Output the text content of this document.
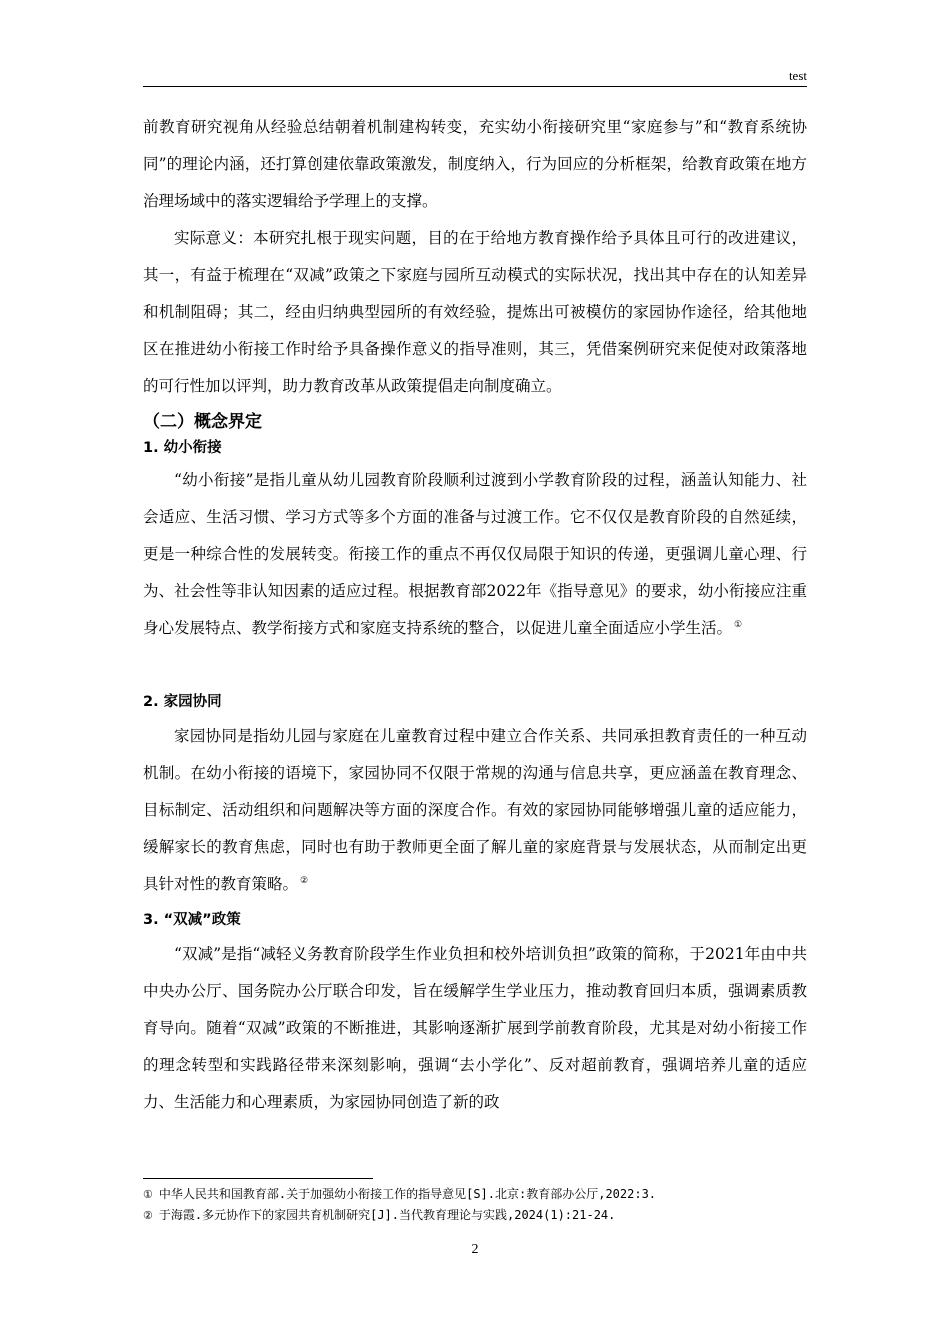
test

前教育研究视角从经验总结朝着机制建构转变，充实幼小衔接研究里“家庭参与”和“教育系统协同”的理论内涵，还打算创建依靠政策激发，制度纳入，行为回应的分析框架，给教育政策在地方治理场域中的落实逻辑给予学理上的支撑。

实际意义：本研究扎根于现实问题，目的在于给地方教育操作给予具体且可行的改进建议，其一，有益于梳理在“双减”政策之下家庭与园所互动模式的实际状况，找出其中存在的认知差异和机制阻碍；其二，经由归纳典型园所的有效经验，提炼出可被模仿的家园协作途径，给其他地区在推进幼小衔接工作时给予具备操作意义的指导准则，其三，凭借案例研究来促使对政策落地的可行性加以评判，助力教育改革从政策提倡走向制度确立。

（二）概念界定
1. 幼小衔接

“幼小衔接”是指儿童从幼儿园教育阶段顺利过渡到小学教育阶段的过程，涵盖认知能力、社会适应、生活习惯、学习方式等多个方面的准备与过渡工作。它不仅仅是教育阶段的自然延续，更是一种综合性的发展转变。衔接工作的重点不再仅仅局限于知识的传递，更强调儿童心理、行为、社会性等非认知因素的适应过程。根据教育部2022年《指导意见》的要求，幼小衔接应注重身心发展特点、教学衔接方式和家庭支持系统的整合，以促进儿童全面适应小学生活。 ①

2. 家园协同

家园协同是指幼儿园与家庭在儿童教育过程中建立合作关系、共同承担教育责任的一种互动机制。在幼小衔接的语境下，家园协同不仅限于常规的沟通与信息共享，更应涵盖在教育理念、目标制定、活动组织和问题解决等方面的深度合作。有效的家园协同能够增强儿童的适应能力，缓解家长的教育焦虑，同时也有助于教师更全面了解儿童的家庭背景与发展状态，从而制定出更具针对性的教育策略。 ②

3. “双减”政策

“双减”是指“减轻义务教育阶段学生作业负担和校外培训负担”政策的简称，于2021年由中共中央办公厅、国务院办公厅联合印发，旨在缓解学生学业压力，推动教育回归本质，强调素质教育导向。随着“双减”政策的不断推进，其影响逐渐扩展到学前教育阶段，尤其是对幼小衔接工作的理念转型和实践路径带来深刻影响，强调“去小学化”、反对超前教育，强调培养儿童的适应力、生活能力和心理素质，为家园协同创造了新的政

① 中华人民共和国教育部.关于加强幼小衔接工作的指导意见[S].北京:教育部办公厅,2022:3.
② 于海霞.多元协作下的家园共育机制研究[J].当代教育理论与实践,2024(1):21-24.
2
